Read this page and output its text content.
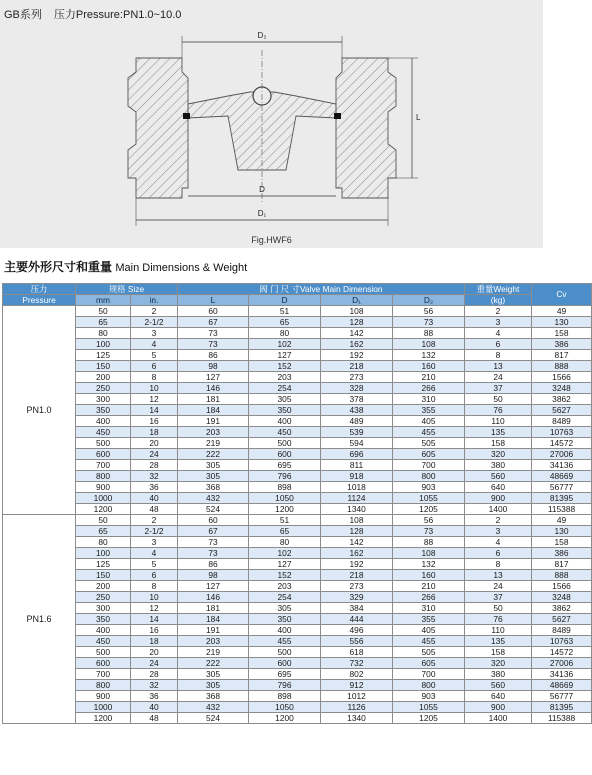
GB系列 压力Pressure:PN1.0~10.0
D₂
D
D₁
L
Fig.HWF6
主要外形尺寸和重量 Main Dimensions & Weight
压力	规格 Size		阀 门 尺 寸Valve Main Dimension				重量Weight	Cv
Pressure	mm	in.	L	D	D₁	D₂	(kg)	
PN1.0	50	2	60	51	108	56	2	49
	65	2-1/2	67	65	128	73	3	130
	80	3	73	80	142	88	4	158
	100	4	73	102	162	108	6	386
	125	5	86	127	192	132	8	817
	150	6	98	152	218	160	13	888
	200	8	127	203	273	210	24	1566
	250	10	146	254	328	266	37	3248
	300	12	181	305	378	310	50	3862
	350	14	184	350	438	355	76	5627
	400	16	191	400	489	405	110	8489
	450	18	203	450	539	455	135	10763
	500	20	219	500	594	505	158	14572
	600	24	222	600	696	605	320	27006
	700	28	305	695	811	700	380	34136
	800	32	305	796	918	800	560	48669
	900	36	368	898	1018	903	640	56777
	1000	40	432	1050	1124	1055	900	81395
	1200	48	524	1200	1340	1205	1400	115388
PN1.6	50	2	60	51	108	56	2	49
	65	2-1/2	67	65	128	73	3	130
	80	3	73	80	142	88	4	158
	100	4	73	102	162	108	6	386
	125	5	86	127	192	132	8	817
	150	6	98	152	218	160	13	888
	200	8	127	203	273	210	24	1566
	250	10	146	254	329	266	37	3248
	300	12	181	305	384	310	50	3862
	350	14	184	350	444	355	76	5627
	400	16	191	400	496	405	110	8489
	450	18	203	455	556	455	135	10763
	500	20	219	500	618	505	158	14572
	600	24	222	600	732	605	320	27006
	700	28	305	695	802	700	380	34136
	800	32	305	796	912	800	560	48669
	900	36	368	898	1012	903	640	56777
	1000	40	432	1050	1126	1055	900	81395
	1200	48	524	1200	1340	1205	1400	115388
